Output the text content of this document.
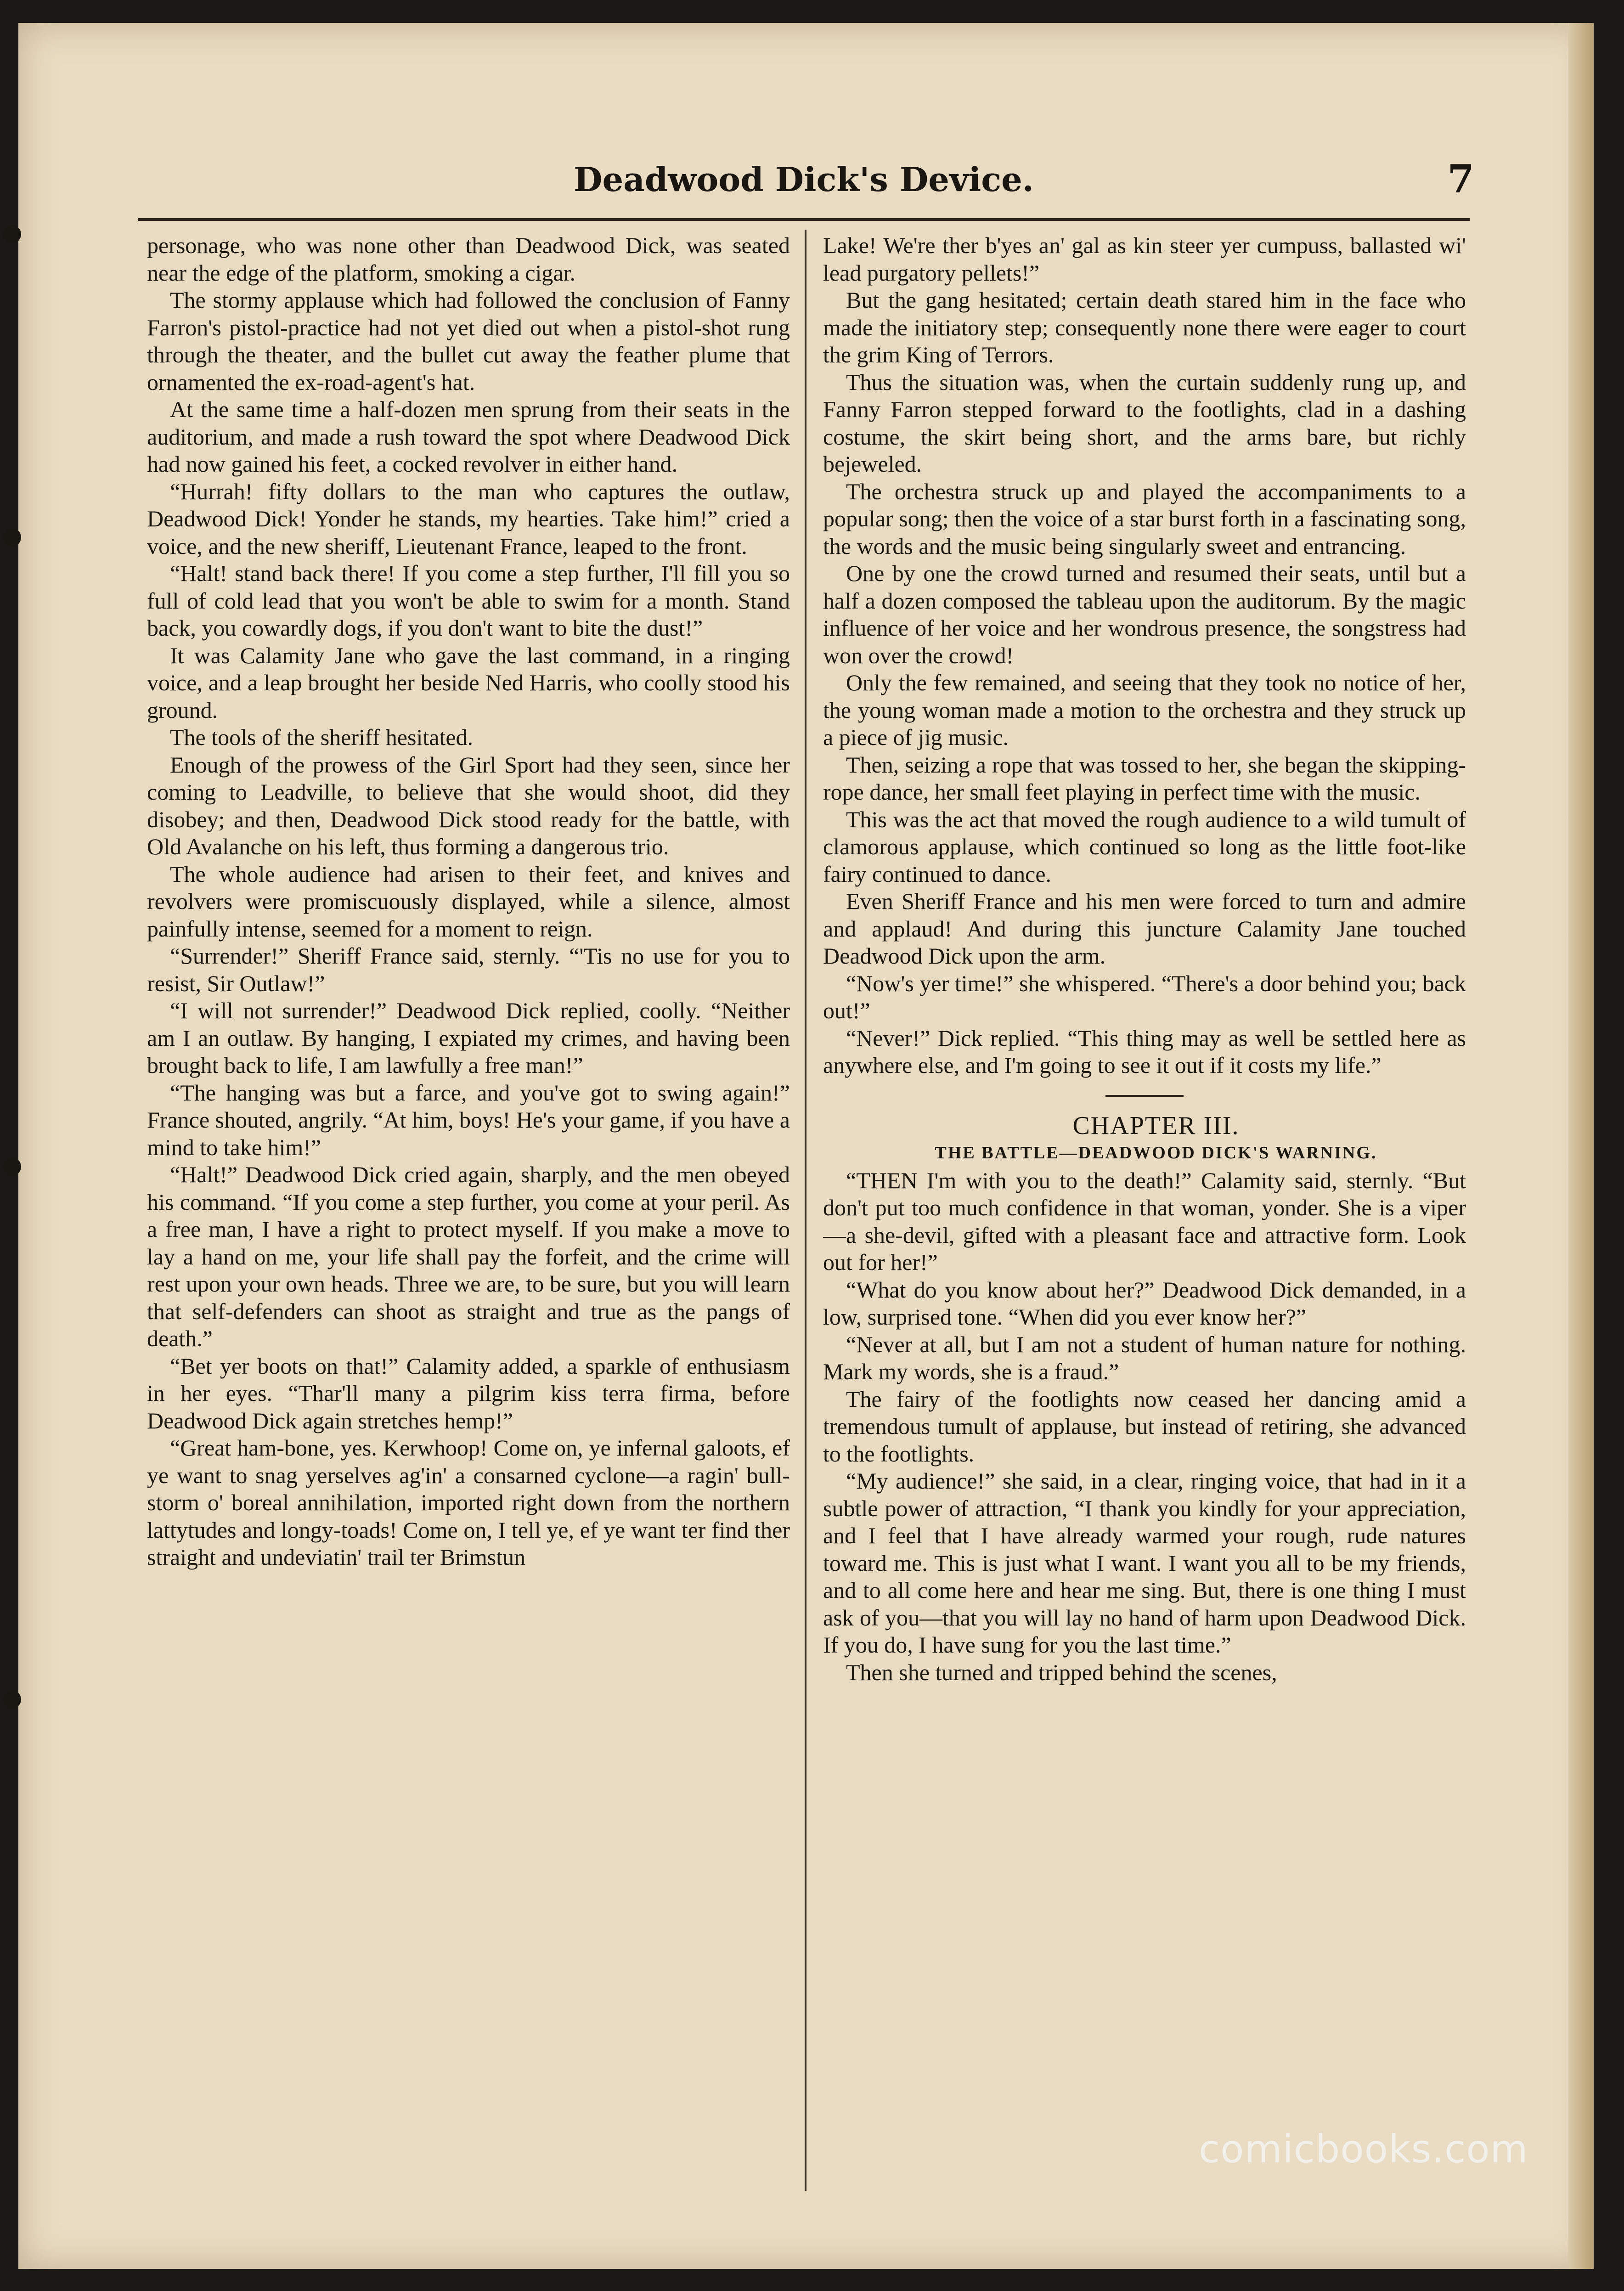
Deadwood Dick's Device.	7

personage, who was none other than Deadwood Dick, was seated near the edge of the platform, smoking a cigar.

The stormy applause which had followed the conclusion of Fanny Farron's pistol-practice had not yet died out when a pistol-shot rung through the theater, and the bullet cut away the feather plume that ornamented the ex-road-agent's hat.

At the same time a half-dozen men sprung from their seats in the auditorium, and made a rush toward the spot where Deadwood Dick had now gained his feet, a cocked revolver in either hand.

“Hurrah! fifty dollars to the man who captures the outlaw, Deadwood Dick! Yonder he stands, my hearties. Take him!” cried a voice, and the new sheriff, Lieutenant France, leaped to the front.

“Halt! stand back there! If you come a step further, I'll fill you so full of cold lead that you won't be able to swim for a month. Stand back, you cowardly dogs, if you don't want to bite the dust!”

It was Calamity Jane who gave the last command, in a ringing voice, and a leap brought her beside Ned Harris, who coolly stood his ground.

The tools of the sheriff hesitated.

Enough of the prowess of the Girl Sport had they seen, since her coming to Leadville, to believe that she would shoot, did they disobey; and then, Deadwood Dick stood ready for the battle, with Old Avalanche on his left, thus forming a dangerous trio.

The whole audience had arisen to their feet, and knives and revolvers were promiscuously displayed, while a silence, almost painfully intense, seemed for a moment to reign.

“Surrender!” Sheriff France said, sternly. “'Tis no use for you to resist, Sir Outlaw!”

“I will not surrender!” Deadwood Dick replied, coolly. “Neither am I an outlaw. By hanging, I expiated my crimes, and having been brought back to life, I am lawfully a free man!”

“The hanging was but a farce, and you've got to swing again!” France shouted, angrily. “At him, boys! He's your game, if you have a mind to take him!”

“Halt!” Deadwood Dick cried again, sharply, and the men obeyed his command. “If you come a step further, you come at your peril. As a free man, I have a right to protect myself. If you make a move to lay a hand on me, your life shall pay the forfeit, and the crime will rest upon your own heads. Three we are, to be sure, but you will learn that self-defenders can shoot as straight and true as the pangs of death.”

“Bet yer boots on that!” Calamity added, a sparkle of enthusiasm in her eyes. “Thar'll many a pilgrim kiss terra firma, before Deadwood Dick again stretches hemp!”

“Great ham-bone, yes. Kerwhoop! Come on, ye infernal galoots, ef ye want to snag yerselves ag'in' a consarned cyclone—a ragin' bull-storm o' boreal annihilation, imported right down from the northern lattytudes and longy-toads! Come on, I tell ye, ef ye want ter find ther straight and undeviatin' trail ter Brimstun

Lake! We're ther b'yes an' gal as kin steer yer cumpuss, ballasted wi' lead purgatory pellets!”

But the gang hesitated; certain death stared him in the face who made the initiatory step; consequently none there were eager to court the grim King of Terrors.

Thus the situation was, when the curtain suddenly rung up, and Fanny Farron stepped forward to the footlights, clad in a dashing costume, the skirt being short, and the arms bare, but richly bejeweled.

The orchestra struck up and played the accompaniments to a popular song; then the voice of a star burst forth in a fascinating song, the words and the music being singularly sweet and entrancing.

One by one the crowd turned and resumed their seats, until but a half a dozen composed the tableau upon the auditorum. By the magic influence of her voice and her wondrous presence, the songstress had won over the crowd!

Only the few remained, and seeing that they took no notice of her, the young woman made a motion to the orchestra and they struck up a piece of jig music.

Then, seizing a rope that was tossed to her, she began the skipping-rope dance, her small feet playing in perfect time with the music.

This was the act that moved the rough audience to a wild tumult of clamorous applause, which continued so long as the little foot-like fairy continued to dance.

Even Sheriff France and his men were forced to turn and admire and applaud! And during this juncture Calamity Jane touched Deadwood Dick upon the arm.

“Now's yer time!” she whispered. “There's a door behind you; back out!”

“Never!” Dick replied. “This thing may as well be settled here as anywhere else, and I'm going to see it out if it costs my life.”

CHAPTER III.

THE BATTLE—DEADWOOD DICK'S WARNING.

“THEN I'm with you to the death!” Calamity said, sternly. “But don't put too much confidence in that woman, yonder. She is a viper—a she-devil, gifted with a pleasant face and attractive form. Look out for her!”

“What do you know about her?” Deadwood Dick demanded, in a low, surprised tone. “When did you ever know her?”

“Never at all, but I am not a student of human nature for nothing. Mark my words, she is a fraud.”

The fairy of the footlights now ceased her dancing amid a tremendous tumult of applause, but instead of retiring, she advanced to the footlights.

“My audience!” she said, in a clear, ringing voice, that had in it a subtle power of attraction, “I thank you kindly for your appreciation, and I feel that I have already warmed your rough, rude natures toward me. This is just what I want. I want you all to be my friends, and to all come here and hear me sing. But, there is one thing I must ask of you—that you will lay no hand of harm upon Deadwood Dick. If you do, I have sung for you the last time.”

Then she turned and tripped behind the scenes,

comicbooks.com
